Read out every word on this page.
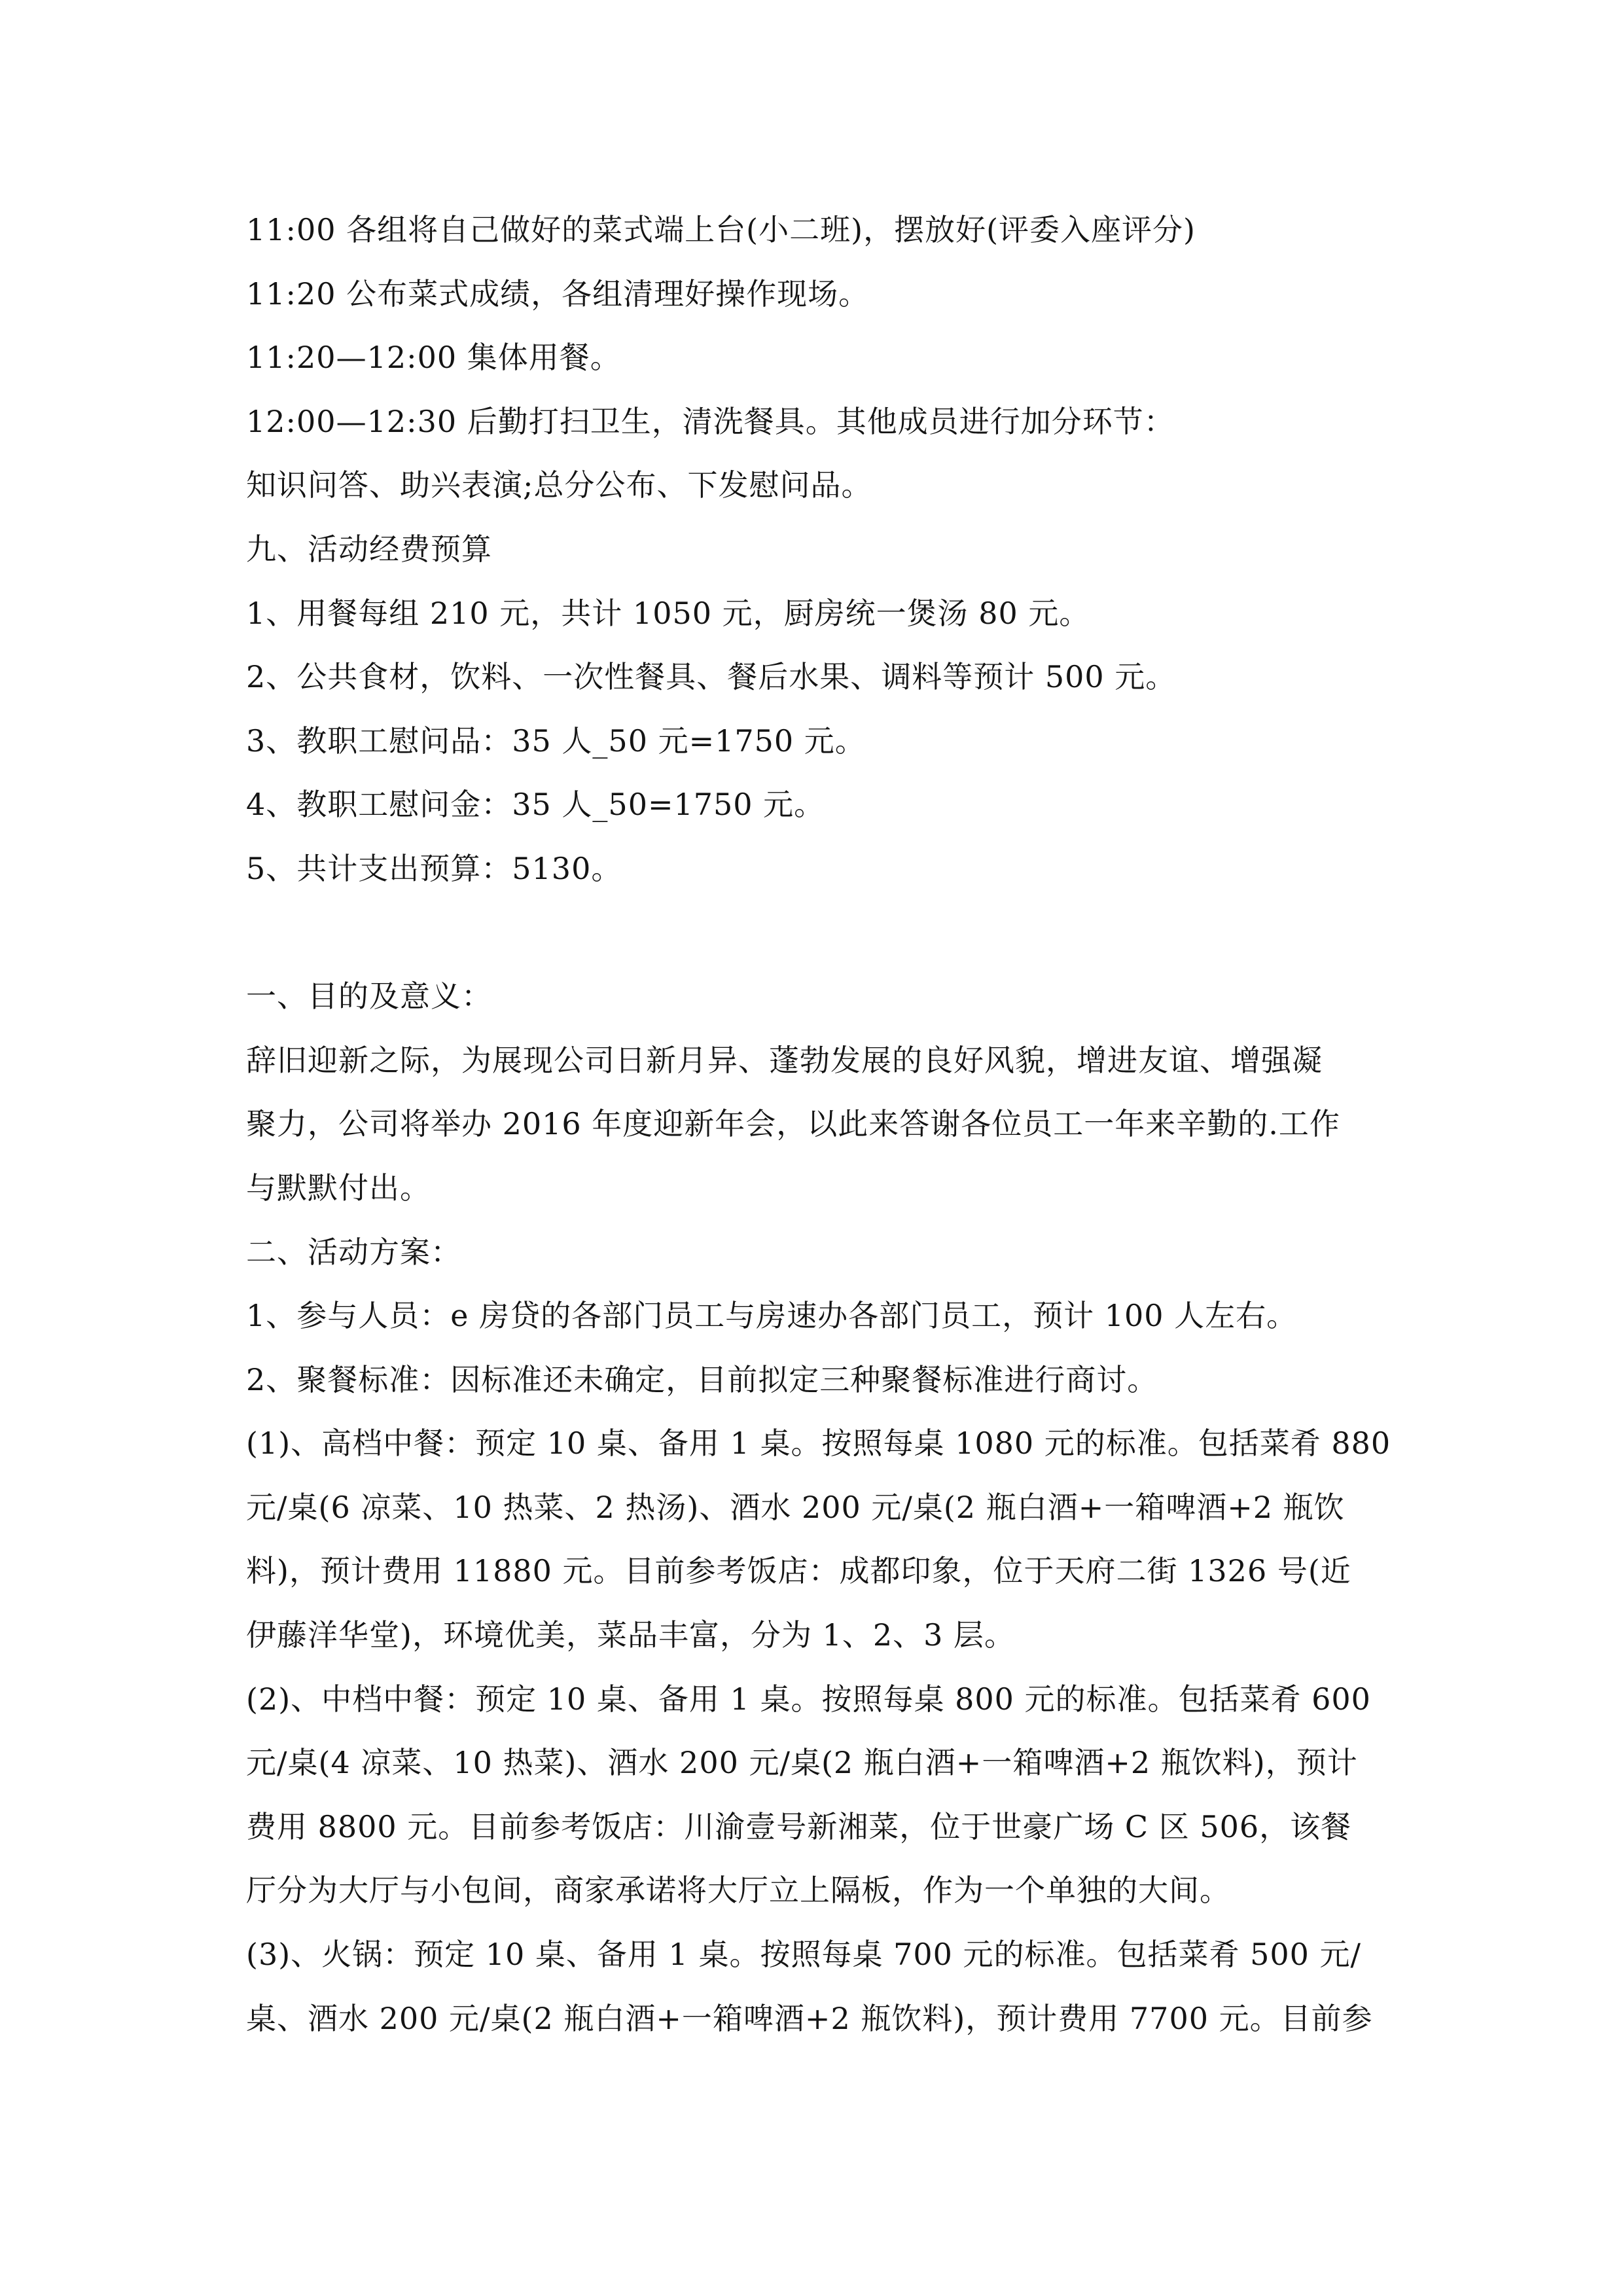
11:00 各组将自己做好的菜式端上台(小二班)，摆放好(评委入座评分)
11:20 公布菜式成绩，各组清理好操作现场。
11:20—12:00 集体用餐。
12:00—12:30 后勤打扫卫生，清洗餐具。其他成员进行加分环节：
知识问答、助兴表演;总分公布、下发慰问品。
九、活动经费预算
1、用餐每组 210 元，共计 1050 元，厨房统一煲汤 80 元。
2、公共食材，饮料、一次性餐具、餐后水果、调料等预计 500 元。
3、教职工慰问品：35 人_50 元=1750 元。
4、教职工慰问金：35 人_50=1750 元。
5、共计支出预算：5130。
一、目的及意义：
辞旧迎新之际，为展现公司日新月异、蓬勃发展的良好风貌，增进友谊、增强凝
聚力，公司将举办 2016 年度迎新年会，以此来答谢各位员工一年来辛勤的.工作
与默默付出。
二、活动方案：
1、参与人员：e 房贷的各部门员工与房速办各部门员工，预计 100 人左右。
2、聚餐标准：因标准还未确定，目前拟定三种聚餐标准进行商讨。
(1)、高档中餐：预定 10 桌、备用 1 桌。按照每桌 1080 元的标准。包括菜肴 880
元/桌(6 凉菜、10 热菜、2 热汤)、酒水 200 元/桌(2 瓶白酒+一箱啤酒+2 瓶饮
料)，预计费用 11880 元。目前参考饭店：成都印象，位于天府二街 1326 号(近
伊藤洋华堂)，环境优美，菜品丰富，分为 1、2、3 层。
(2)、中档中餐：预定 10 桌、备用 1 桌。按照每桌 800 元的标准。包括菜肴 600
元/桌(4 凉菜、10 热菜)、酒水 200 元/桌(2 瓶白酒+一箱啤酒+2 瓶饮料)，预计
费用 8800 元。目前参考饭店：川渝壹号新湘菜，位于世豪广场 C 区 506，该餐
厅分为大厅与小包间，商家承诺将大厅立上隔板，作为一个单独的大间。
(3)、火锅：预定 10 桌、备用 1 桌。按照每桌 700 元的标准。包括菜肴 500 元/
桌、酒水 200 元/桌(2 瓶白酒+一箱啤酒+2 瓶饮料)，预计费用 7700 元。目前参
